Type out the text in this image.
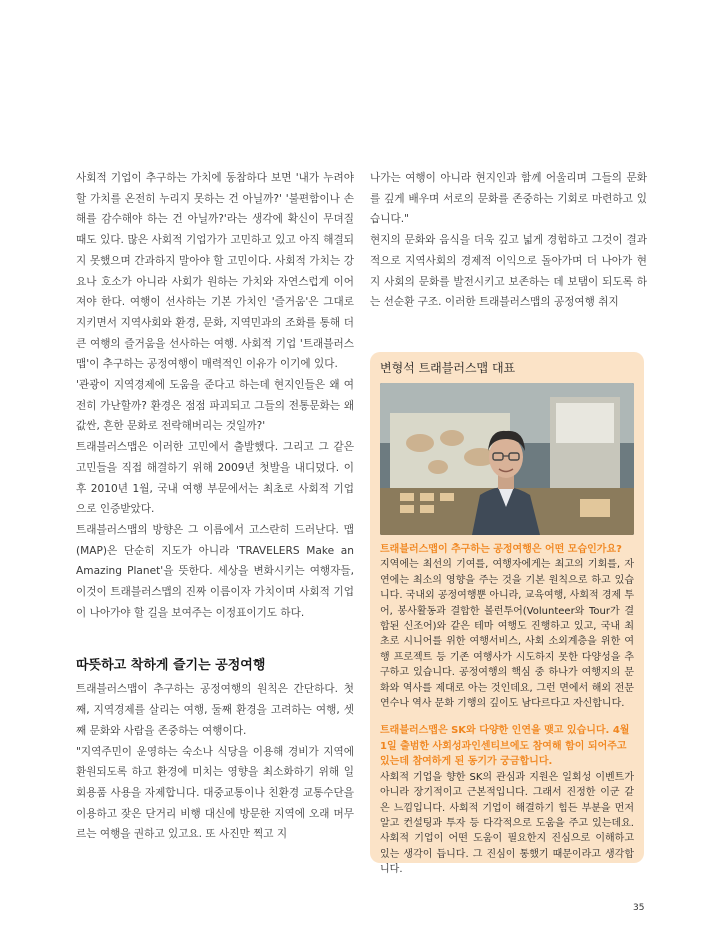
사회적 기업이 추구하는 가치에 동참하다 보면 '내가 누려야 할 가치를 온전히 누리지 못하는 건 아닐까?' '불편함이나 손해를 감수해야 하는 건 아닐까?'라는 생각에 확신이 무뎌질 때도 있다. 많은 사회적 기업가가 고민하고 있고 아직 해결되지 못했으며 간과하지 말아야 할 고민이다. 사회적 가치는 강요나 호소가 아니라 사회가 원하는 가치와 자연스럽게 이어져야 한다. 여행이 선사하는 기본 가치인 '즐거움'은 그대로 지키면서 지역사회와 환경, 문화, 지역민과의 조화를 통해 더 큰 여행의 즐거움을 선사하는 여행. 사회적 기업 '트래블러스맵'이 추구하는 공정여행이 매력적인 이유가 이기에 있다.

'관광이 지역경제에 도움을 준다고 하는데 현지인들은 왜 여전히 가난할까? 환경은 점점 파괴되고 그들의 전통문화는 왜 값싼, 흔한 문화로 전락해버리는 것일까?'

트래블러스맵은 이러한 고민에서 출발했다. 그리고 그 같은 고민들을 직접 해결하기 위해 2009년 첫발을 내디뎠다. 이후 2010년 1월, 국내 여행 부문에서는 최초로 사회적 기업으로 인증받았다.

트래블러스맵의 방향은 그 이름에서 고스란히 드러난다. 맵(MAP)은 단순히 지도가 아니라 'TRAVELERS Make an Amazing Planet'을 뜻한다. 세상을 변화시키는 여행자들, 이것이 트래블러스맵의 진짜 이름이자 가치이며 사회적 기업이 나아가야 할 길을 보여주는 이정표이기도 하다.

따뜻하고 착하게 즐기는 공정여행

트래블러스맵이 추구하는 공정여행의 원칙은 간단하다. 첫째, 지역경제를 살리는 여행, 둘째 환경을 고려하는 여행, 셋째 문화와 사람을 존중하는 여행이다.

"지역주민이 운영하는 숙소나 식당을 이용해 경비가 지역에 환원되도록 하고 환경에 미치는 영향을 최소화하기 위해 일회용품 사용을 자제합니다. 대중교통이나 친환경 교통수단을 이용하고 잦은 단거리 비행 대신에 방문한 지역에 오래 머무르는 여행을 권하고 있고요. 또 사진만 찍고 지

나가는 여행이 아니라 현지인과 함께 어울리며 그들의 문화를 깊게 배우며 서로의 문화를 존중하는 기회로 마련하고 있습니다."

현지의 문화와 음식을 더욱 깊고 넓게 경험하고 그것이 결과적으로 지역사회의 경제적 이익으로 돌아가며 더 나아가 현지 사회의 문화를 발전시키고 보존하는 데 보탬이 되도록 하는 선순환 구조. 이러한 트래블러스맵의 공정여행 취지

변형석 트래블러스맵 대표

트래블러스맵이 추구하는 공정여행은 어떤 모습인가요?

지역에는 최선의 기여를, 여행자에게는 최고의 기회를, 자연에는 최소의 영향을 주는 것을 기본 원칙으로 하고 있습니다. 국내외 공정여행뿐 아니라, 교육여행, 사회적 경제 투어, 봉사활동과 결합한 볼런투어(Volunteer와 Tour가 결합된 신조어)와 같은 테마 여행도 진행하고 있고, 국내 최초로 시니어를 위한 여행서비스, 사회 소외계층을 위한 여행 프로젝트 등 기존 여행사가 시도하지 못한 다양성을 추구하고 있습니다. 공정여행의 핵심 중 하나가 여행지의 문화와 역사를 제대로 아는 것인데요, 그런 면에서 해외 전문 연수나 역사 문화 기행의 깊이도 남다르다고 자신합니다.

트래블러스맵은 SK와 다양한 인연을 맺고 있습니다. 4월 1일 출범한 사회성과인센티브에도 참여해 함이 되어주고 있는데 참여하게 된 동기가 궁금합니다.

사회적 기업을 향한 SK의 관심과 지원은 일회성 이벤트가 아니라 장기적이고 근본적입니다. 그래서 진정한 이군 같은 느낌입니다. 사회적 기업이 해결하기 힘든 부분을 먼저 알고 컨설팅과 투자 등 다각적으로 도움을 주고 있는데요. 사회적 기업이 어떤 도움이 필요한지 진심으로 이해하고 있는 생각이 듭니다. 그 진심이 통했기 때문이라고 생각합니다.

35
